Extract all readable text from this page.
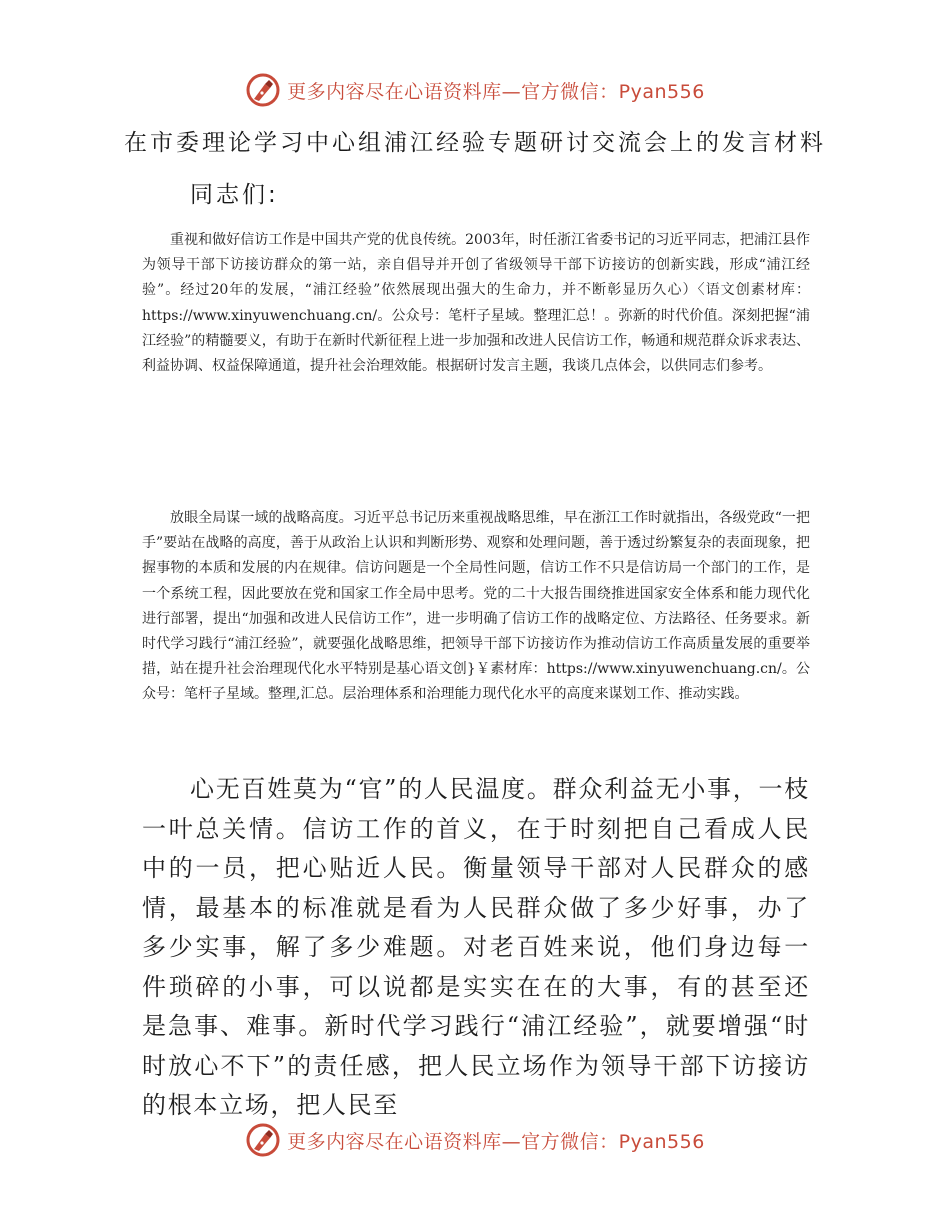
更多内容尽在心语资料库—官方微信：Pyan556
在市委理论学习中心组浦江经验专题研讨交流会上的发言材料
同志们:

重视和做好信访工作是中国共产党的优良传统。2003年，时任浙江省委书记的习近平同志，把浦江县作为领导干部下访接访群众的第一站，亲自倡导并开创了省级领导干部下访接访的创新实践，形成“浦江经验”。经过20年的发展，“浦江经验”依然展现出强大的生命力，并不断彰显历久心）〈语文创素材库：https://www.xinyuwenchuang.cn/。公众号：笔杆子星域。整理汇总！。弥新的时代价值。深刻把握“浦江经验”的精髓要义，有助于在新时代新征程上进一步加强和改进人民信访工作，畅通和规范群众诉求表达、利益协调、权益保障通道，提升社会治理效能。根据研讨发言主题，我谈几点体会，以供同志们参考。

放眼全局谋一域的战略高度。习近平总书记历来重视战略思维，早在浙江工作时就指出，各级党政“一把手”要站在战略的高度，善于从政治上认识和判断形势、观察和处理问题，善于透过纷繁复杂的表面现象，把握事物的本质和发展的内在规律。信访问题是一个全局性问题，信访工作不只是信访局一个部门的工作，是一个系统工程，因此要放在党和国家工作全局中思考。党的二十大报告围绕推进国家安全体系和能力现代化进行部署，提出“加强和改进人民信访工作”，进一步明确了信访工作的战略定位、方法路径、任务要求。新时代学习践行“浦江经验”，就要强化战略思维，把领导干部下访接访作为推动信访工作高质量发展的重要举措，站在提升社会治理现代化水平特别是基心语文创}￥素材库：https://www.xinyuwenchuang.cn/。公众号：笔杆子星域。整理,汇总。层治理体系和治理能力现代化水平的高度来谋划工作、推动实践。

心无百姓莫为“官”的人民温度。群众利益无小事，一枝一叶总关情。信访工作的首义，在于时刻把自己看成人民中的一员，把心贴近人民。衡量领导干部对人民群众的感情，最基本的标准就是看为人民群众做了多少好事，办了多少实事，解了多少难题。对老百姓来说，他们身边每一件琐碎的小事，可以说都是实实在在的大事，有的甚至还是急事、难事。新时代学习践行“浦江经验”，就要增强“时时放心不下”的责任感，把人民立场作为领导干部下访接访的根本立场，把人民至

更多内容尽在心语资料库—官方微信：Pyan556
